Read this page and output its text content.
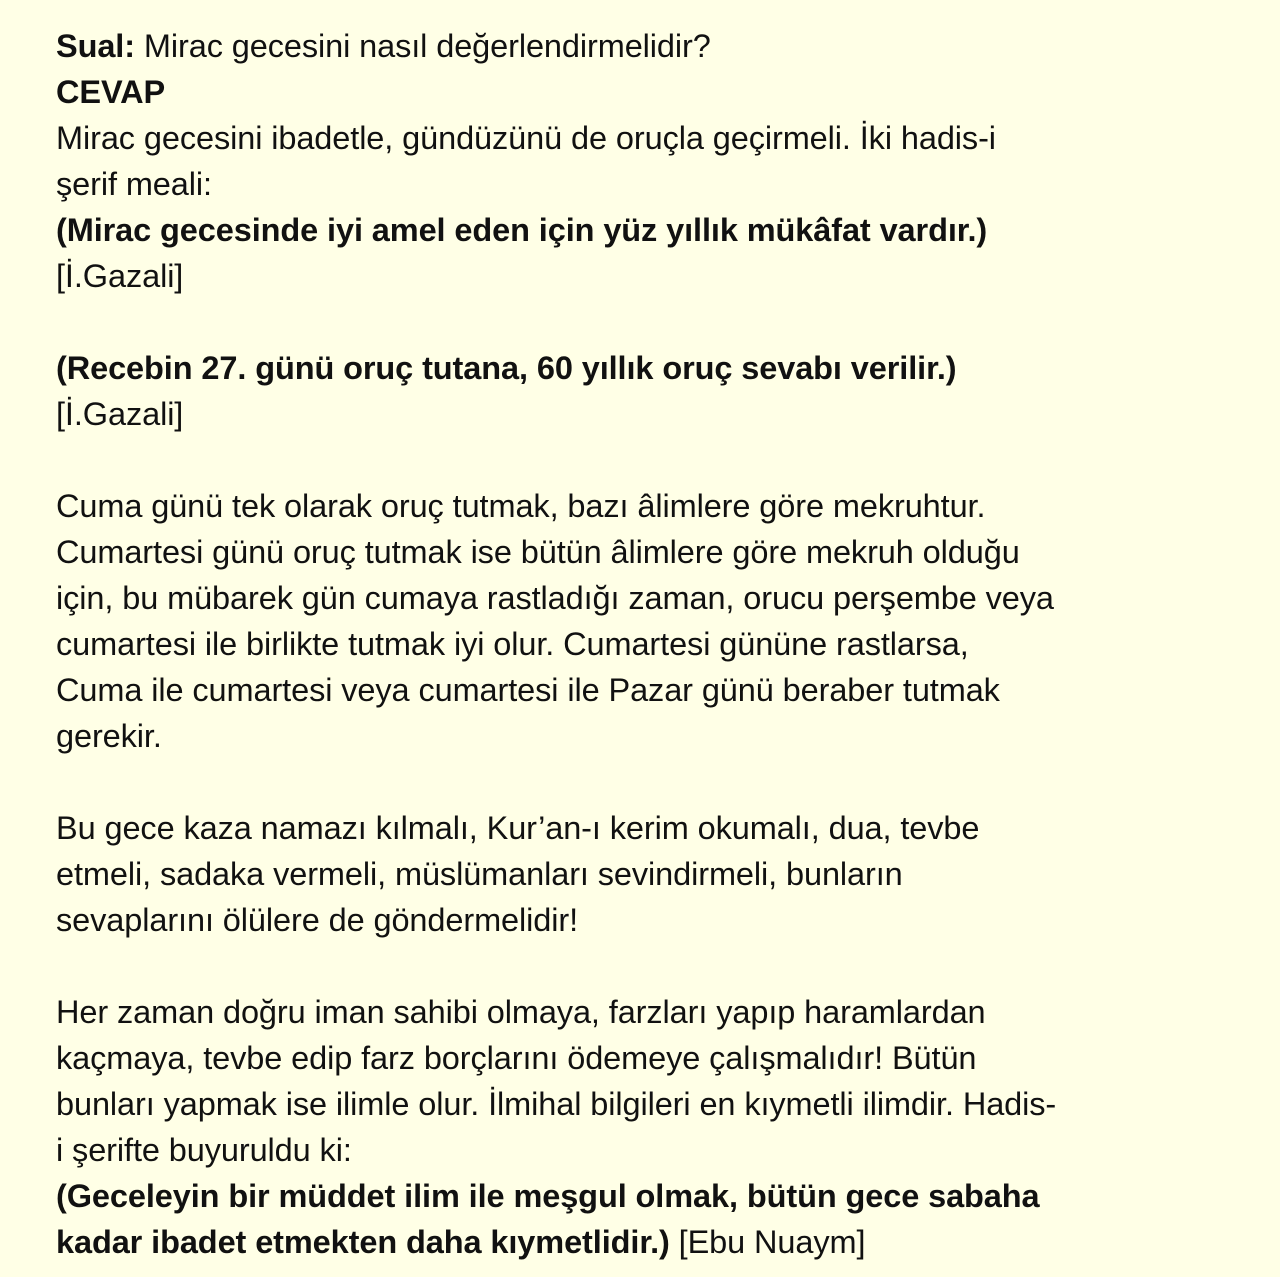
Sual: Mirac gecesini nasıl değerlendirmelidir?
CEVAP
Mirac gecesini ibadetle, gündüzünü de oruçla geçirmeli. İki hadis-i
şerif meali:
(Mirac gecesinde iyi amel eden için yüz yıllık mükâfat vardır.)
[İ.Gazali]
(Recebin 27. günü oruç tutana, 60 yıllık oruç sevabı verilir.)
[İ.Gazali]
Cuma günü tek olarak oruç tutmak, bazı âlimlere göre mekruhtur.
Cumartesi günü oruç tutmak ise bütün âlimlere göre mekruh olduğu
için, bu mübarek gün cumaya rastladığı zaman, orucu perşembe veya
cumartesi ile birlikte tutmak iyi olur. Cumartesi gününe rastlarsa,
Cuma ile cumartesi veya cumartesi ile Pazar günü beraber tutmak
gerekir.
Bu gece kaza namazı kılmalı, Kur’an-ı kerim okumalı, dua, tevbe
etmeli, sadaka vermeli, müslümanları sevindirmeli, bunların
sevaplarını ölülere de göndermelidir!
Her zaman doğru iman sahibi olmaya, farzları yapıp haramlardan
kaçmaya, tevbe edip farz borçlarını ödemeye çalışmalıdır! Bütün
bunları yapmak ise ilimle olur. İlmihal bilgileri en kıymetli ilimdir. Hadis-
i şerifte buyuruldu ki:
(Geceleyin bir müddet ilim ile meşgul olmak, bütün gece sabaha
kadar ibadet etmekten daha kıymetlidir.) [Ebu Nuaym]
